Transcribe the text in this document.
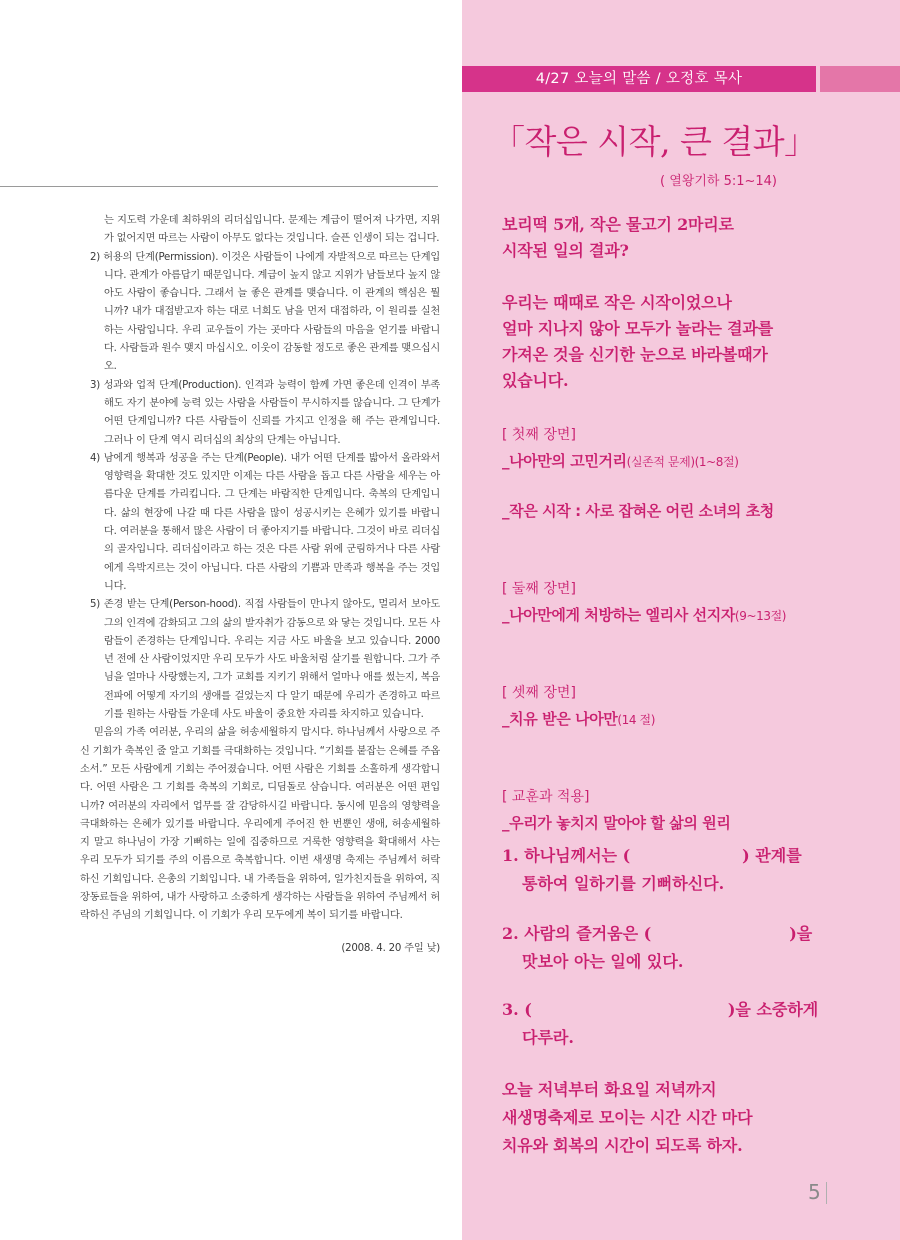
는 지도력 가운데 최하위의 리더십입니다. 문제는 계급이 떨어져 나가면, 지위가 없어지면 따르는 사람이 아무도 없다는 것입니다. 슬픈 인생이 되는 겁니다.

2) 허용의 단계(Permission). 이것은 사람들이 나에게 자발적으로 따르는 단계입니다. 관계가 아름답기 때문입니다. 계급이 높지 않고 지위가 남들보다 높지 않아도 사람이 좋습니다. 그래서 늘 좋은 관계를 맺습니다. 이 관계의 핵심은 뭘니까? 내가 대접받고자 하는 대로 너희도 남을 먼저 대접하라, 이 원리를 실천하는 사람입니다. 우리 교우들이 가는 곳마다 사람들의 마음을 얻기를 바랍니다. 사람들과 원수 맺지 마십시오. 이웃이 감동할 정도로 좋은 관계를 맺으십시오.

3) 성과와 업적 단계(Production). 인격과 능력이 함께 가면 좋은데 인격이 부족해도 자기 분야에 능력 있는 사람을 사람들이 무시하지를 않습니다. 그 단계가 어떤 단계입니까? 다른 사람들이 신뢰를 가지고 인정을 해 주는 관계입니다. 그러나 이 단계 역시 리더십의 최상의 단계는 아닙니다.

4) 남에게 행복과 성공을 주는 단계(People). 내가 어떤 단계를 밟아서 올라와서 영향력을 확대한 것도 있지만 이제는 다른 사람을 돕고 다른 사람을 세우는 아름다운 단계를 가리킵니다. 그 단계는 바람직한 단계입니다. 축복의 단계입니다. 삶의 현장에 나갈 때 다른 사람을 많이 성공시키는 은혜가 있기를 바랍니다. 여러분을 통해서 많은 사람이 더 좋아지기를 바랍니다. 그것이 바로 리더십의 골자입니다. 리더십이라고 하는 것은 다른 사람 위에 군림하거나 다른 사람에게 윽박지르는 것이 아닙니다. 다른 사람의 기쁨과 만족과 행복을 주는 것입니다.

5) 존경 받는 단계(Person-hood). 직접 사람들이 만나지 않아도, 멀리서 보아도 그의 인격에 감화되고 그의 삶의 발자취가 감동으로 와 닿는 것입니다. 모든 사람들이 존경하는 단계입니다. 우리는 지금 사도 바울을 보고 있습니다. 2000년 전에 산 사람이었지만 우리 모두가 사도 바울처럼 살기를 원합니다. 그가 주님을 얼마나 사랑했는지, 그가 교회를 지키기 위해서 얼마나 애를 썼는지, 복음전파에 어떻게 자기의 생애를 걸었는지 다 알기 때문에 우리가 존경하고 따르기를 원하는 사람들 가운데 사도 바울이 중요한 자리를 차지하고 있습니다.

믿음의 가족 여러분, 우리의 삶을 허송세월하지 맙시다. 하나님께서 사랑으로 주신 기회가 축복인 줄 알고 기회를 극대화하는 것입니다. “기회를 붙잡는 은혜를 주옵소서.” 모든 사람에게 기회는 주어졌습니다. 어떤 사람은 기회를 소홀하게 생각합니다. 어떤 사람은 그 기회를 축복의 기회로, 디딤돌로 삼습니다. 여러분은 어떤 편입니까? 여러분의 자리에서 업무를 잘 감당하시길 바랍니다. 동시에 믿음의 영향력을 극대화하는 은혜가 있기를 바랍니다. 우리에게 주어진 한 번뿐인 생애, 허송세월하지 말고 하나님이 가장 기뻐하는 일에 집중하므로 거룩한 영향력을 확대해서 사는 우리 모두가 되기를 주의 이름으로 축복합니다. 이번 새생명 축제는 주님께서 허락하신 기회입니다. 은총의 기회입니다. 내 가족들을 위하여, 일가친지들을 위하여, 직장동료들을 위하여, 내가 사랑하고 소중하게 생각하는 사람들을 위하여 주님께서 허락하신 주님의 기회입니다. 이 기회가 우리 모두에게 복이 되기를 바랍니다.

(2008. 4. 20 주일 낮)

4/27 오늘의 말씀 / 오정호 목사
「작은 시작, 큰 결과」
( 열왕기하 5:1~14)
보리떡 5개, 작은 물고기 2마리로
시작된 일의 결과?
우리는 때때로 작은 시작이었으나
얼마 지나지 않아 모두가 놀라는 결과를
가져온 것을 신기한 눈으로 바라볼때가
있습니다.
[ 첫째 장면]
_나아만의 고민거리(실존적 문제)(1~8절)
_작은 시작 : 사로 잡혀온 어린 소녀의 초청
[ 둘째 장면]
_나아만에게 처방하는 엘리사 선지자(9~13절)
[ 셋째 장면]
_치유 받은 나아만(14 절)
[ 교훈과 적용]
_우리가 놓치지 말아야 할 삶의 원리
1. 하나님께서는 (	) 관계를
통하여 일하기를 기뻐하신다.
2. 사람의 즐거움은 (	)을
맛보아 아는 일에 있다.
3. (	)을 소중하게
다루라.
오늘 저녁부터 화요일 저녁까지
새생명축제로 모이는 시간 시간 마다
치유와 회복의 시간이 되도록 하자.
5
